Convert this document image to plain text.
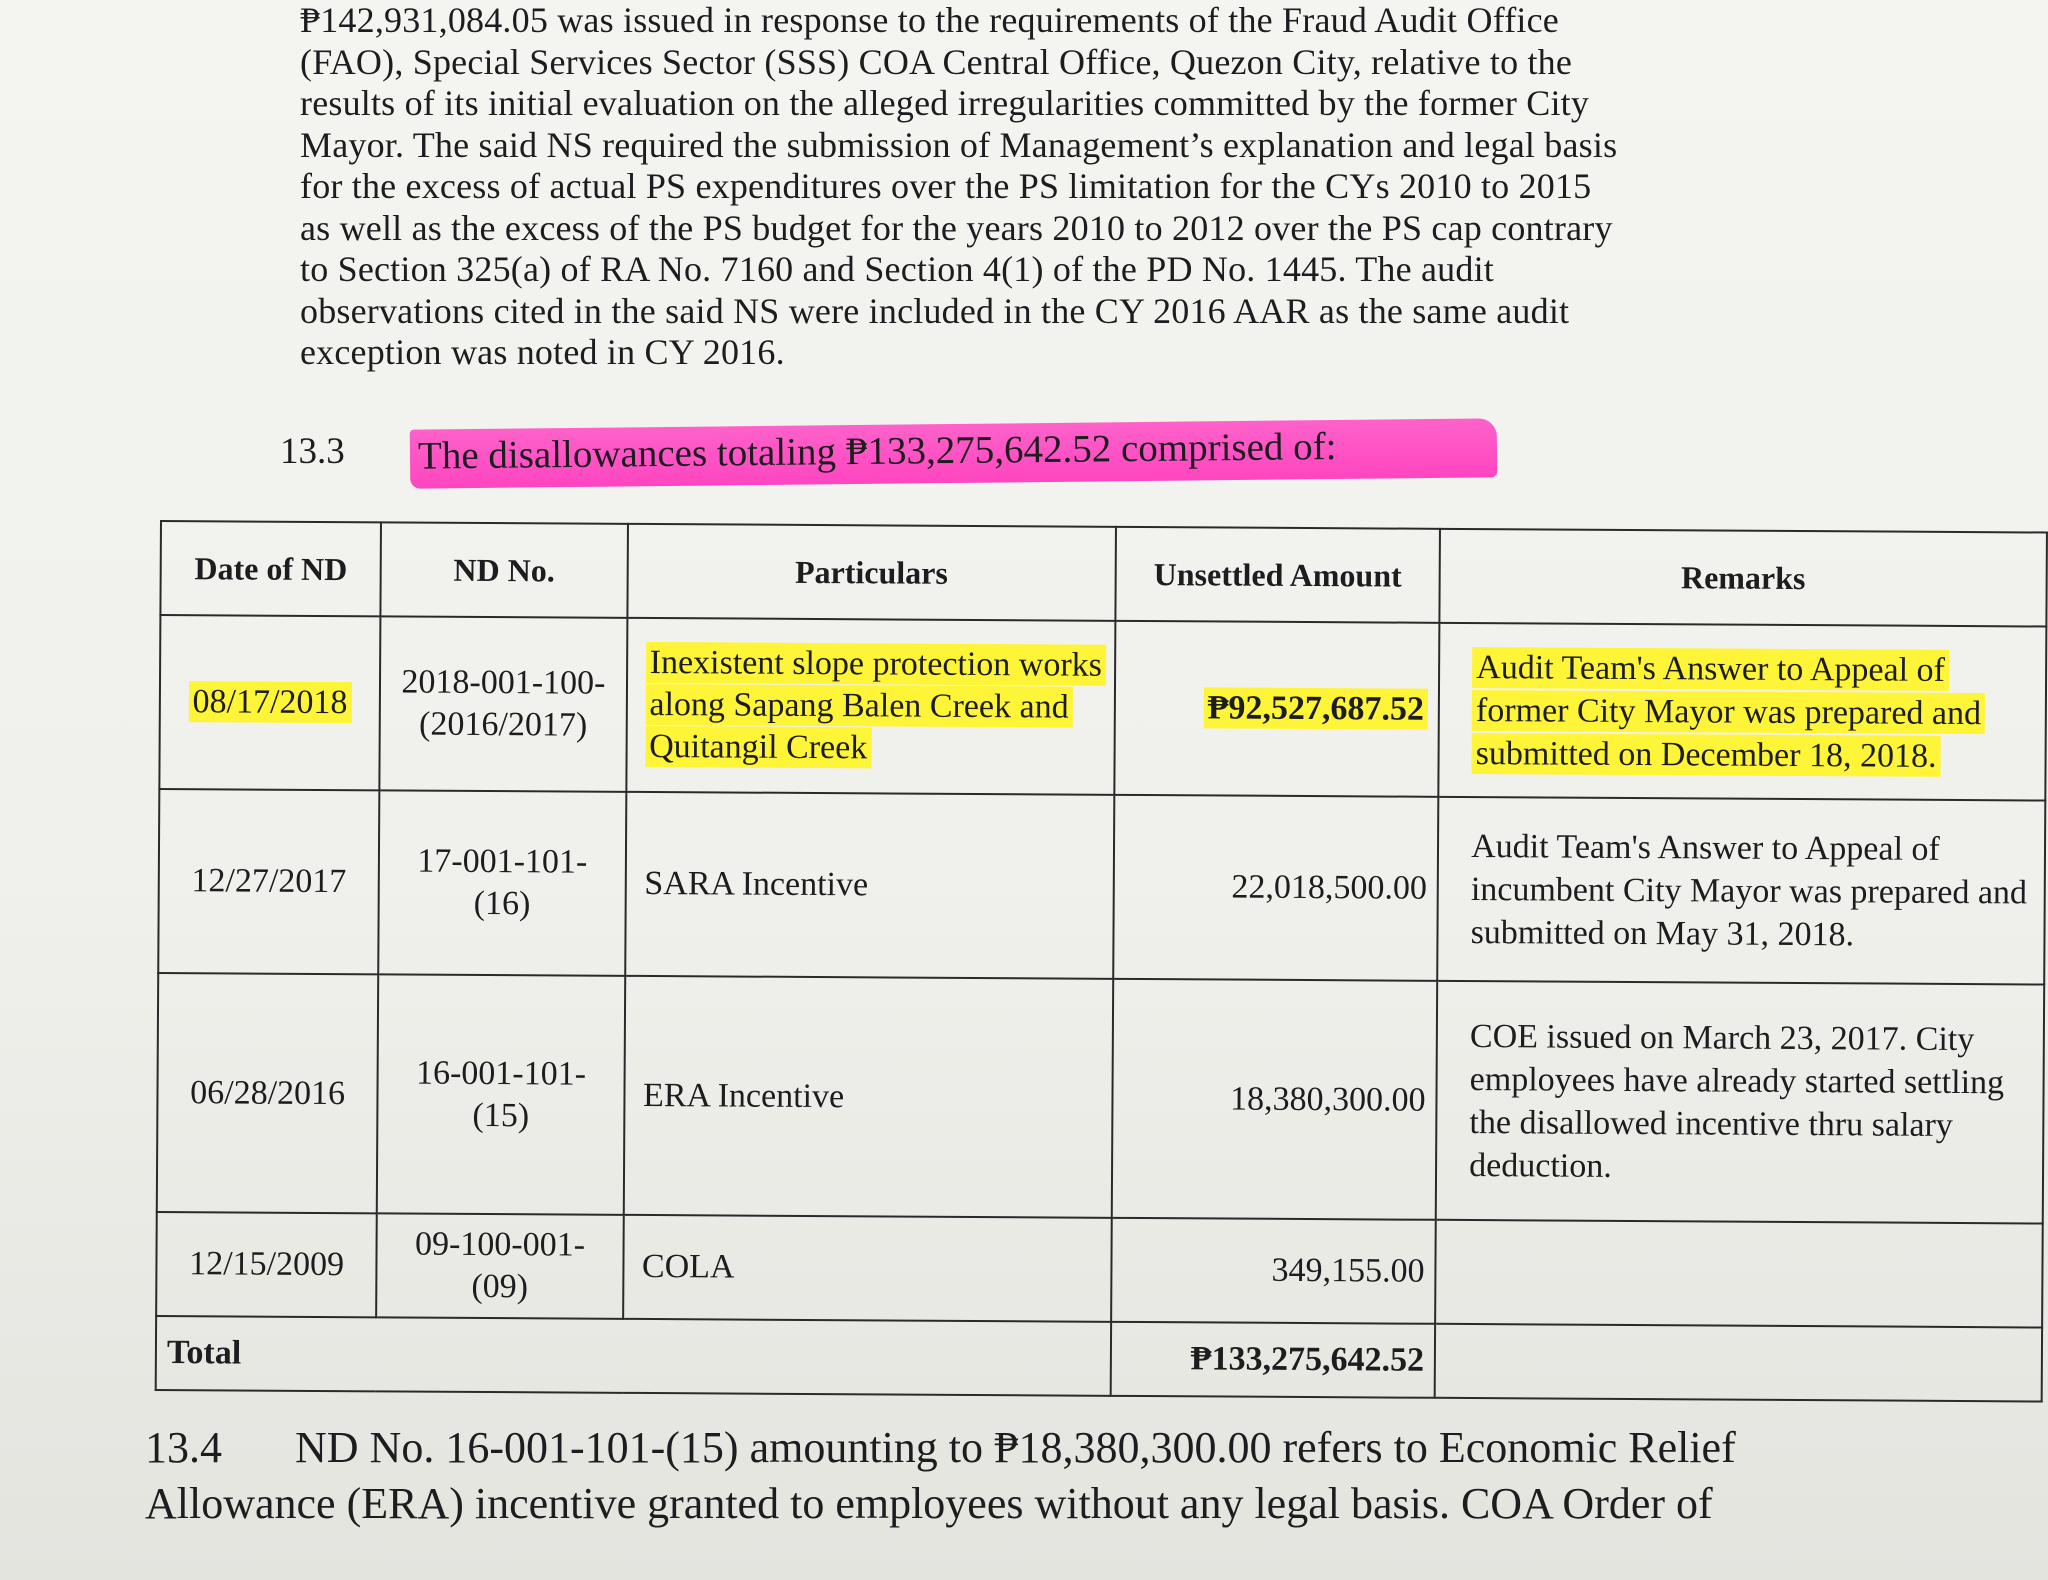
₱142,931,084.05 was issued in response to the requirements of the Fraud Audit Office
(FAO), Special Services Sector (SSS) COA Central Office, Quezon City, relative to the
results of its initial evaluation on the alleged irregularities committed by the former City
Mayor. The said NS required the submission of Management’s explanation and legal basis
for the excess of actual PS expenditures over the PS limitation for the CYs 2010 to 2015
as well as the excess of the PS budget for the years 2010 to 2012 over the PS cap contrary
to Section 325(a) of RA No. 7160 and Section 4(1) of the PD No. 1445. The audit
observations cited in the said NS were included in the CY 2016 AAR as the same audit
exception was noted in CY 2016.
13.3 The disallowances totaling ₱133,275,642.52 comprised of:
Date of ND	ND No.	Particulars	Unsettled Amount	Remarks
08/17/2018	2018-001-100-(2016/2017)	Inexistent slope protection works along Sapang Balen Creek and Quitangil Creek	₱92,527,687.52	Audit Team's Answer to Appeal of former City Mayor was prepared and submitted on December 18, 2018.
12/27/2017	17-001-101-(16)	SARA Incentive	22,018,500.00	Audit Team's Answer to Appeal of incumbent City Mayor was prepared and submitted on May 31, 2018.
06/28/2016	16-001-101-(15)	ERA Incentive	18,380,300.00	COE issued on March 23, 2017. City employees have already started settling the disallowed incentive thru salary deduction.
12/15/2009	09-100-001-(09)	COLA	349,155.00	
Total			₱133,275,642.52	
13.4 ND No. 16-001-101-(15) amounting to ₱18,380,300.00 refers to Economic Relief
Allowance (ERA) incentive granted to employees without any legal basis. COA Order of
